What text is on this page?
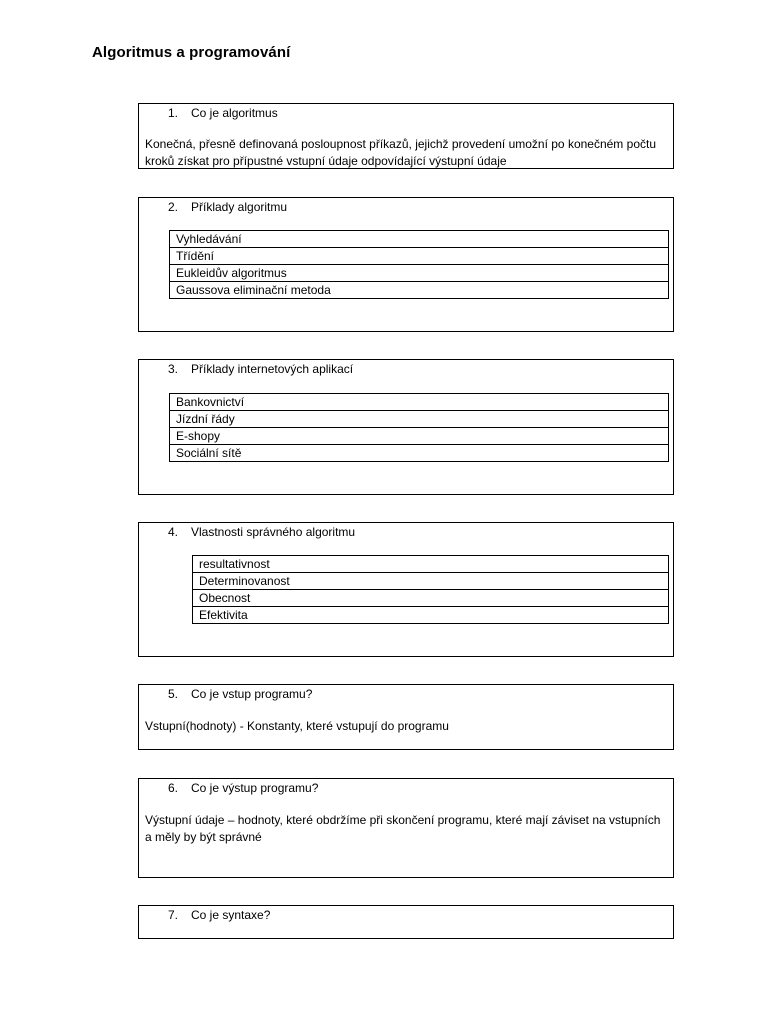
Algoritmus a programování
1. Co je algoritmus
Konečná, přesně definovaná posloupnost příkazů, jejichž provedení umožní po konečném počtu kroků získat pro přípustné vstupní údaje odpovídající výstupní údaje
2. Příklady algoritmu
Vyhledávání
Třídění
Eukleidův algoritmus
Gaussova eliminační metoda
3. Příklady internetových aplikací
Bankovnictví
Jízdní řády
E-shopy
Sociální sítě
4. Vlastnosti správného algoritmu
resultativnost
Determinovanost
Obecnost
Efektivita
5. Co je vstup programu?
Vstupní(hodnoty) - Konstanty, které vstupují do programu
6. Co je výstup programu?
Výstupní údaje – hodnoty, které obdržíme při skončení programu, které mají záviset na vstupních a měly by být správné
7. Co je syntaxe?
